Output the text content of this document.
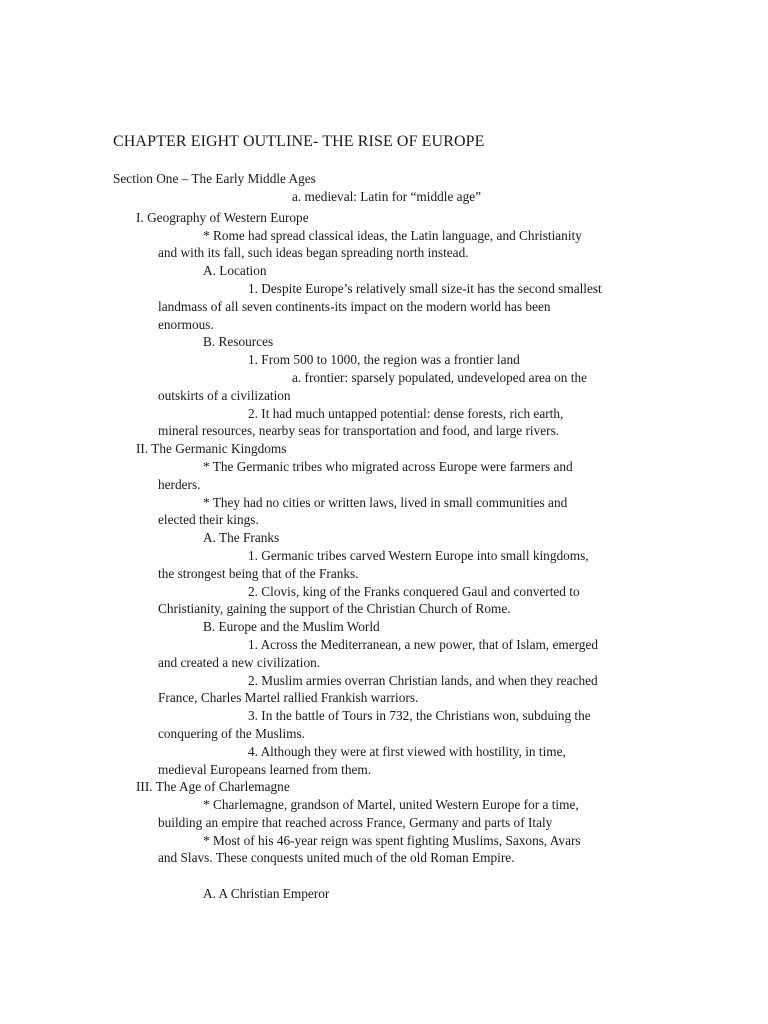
CHAPTER EIGHT OUTLINE- THE RISE OF EUROPE
Section One – The Early Middle Ages
a. medieval: Latin for “middle age”
I. Geography of Western Europe
* Rome had spread classical ideas, the Latin language, and Christianity
and with its fall, such ideas began spreading north instead.
A. Location
1. Despite Europe’s relatively small size-it has the second smallest
landmass of all seven continents-its impact on the modern world has been
enormous.
B. Resources
1. From 500 to 1000, the region was a frontier land
a. frontier: sparsely populated, undeveloped area on the
outskirts of a civilization
2. It had much untapped potential: dense forests, rich earth,
mineral resources, nearby seas for transportation and food, and large rivers.
II. The Germanic Kingdoms
* The Germanic tribes who migrated across Europe were farmers and
herders.
* They had no cities or written laws, lived in small communities and
elected their kings.
A. The Franks
1. Germanic tribes carved Western Europe into small kingdoms,
the strongest being that of the Franks.
2. Clovis, king of the Franks conquered Gaul and converted to
Christianity, gaining the support of the Christian Church of Rome.
B. Europe and the Muslim World
1. Across the Mediterranean, a new power, that of Islam, emerged
and created a new civilization.
2. Muslim armies overran Christian lands, and when they reached
France, Charles Martel rallied Frankish warriors.
3. In the battle of Tours in 732, the Christians won, subduing the
conquering of the Muslims.
4. Although they were at first viewed with hostility, in time,
medieval Europeans learned from them.
III. The Age of Charlemagne
* Charlemagne, grandson of Martel, united Western Europe for a time,
building an empire that reached across France, Germany and parts of Italy
* Most of his 46-year reign was spent fighting Muslims, Saxons, Avars
and Slavs. These conquests united much of the old Roman Empire.
A. A Christian Emperor
